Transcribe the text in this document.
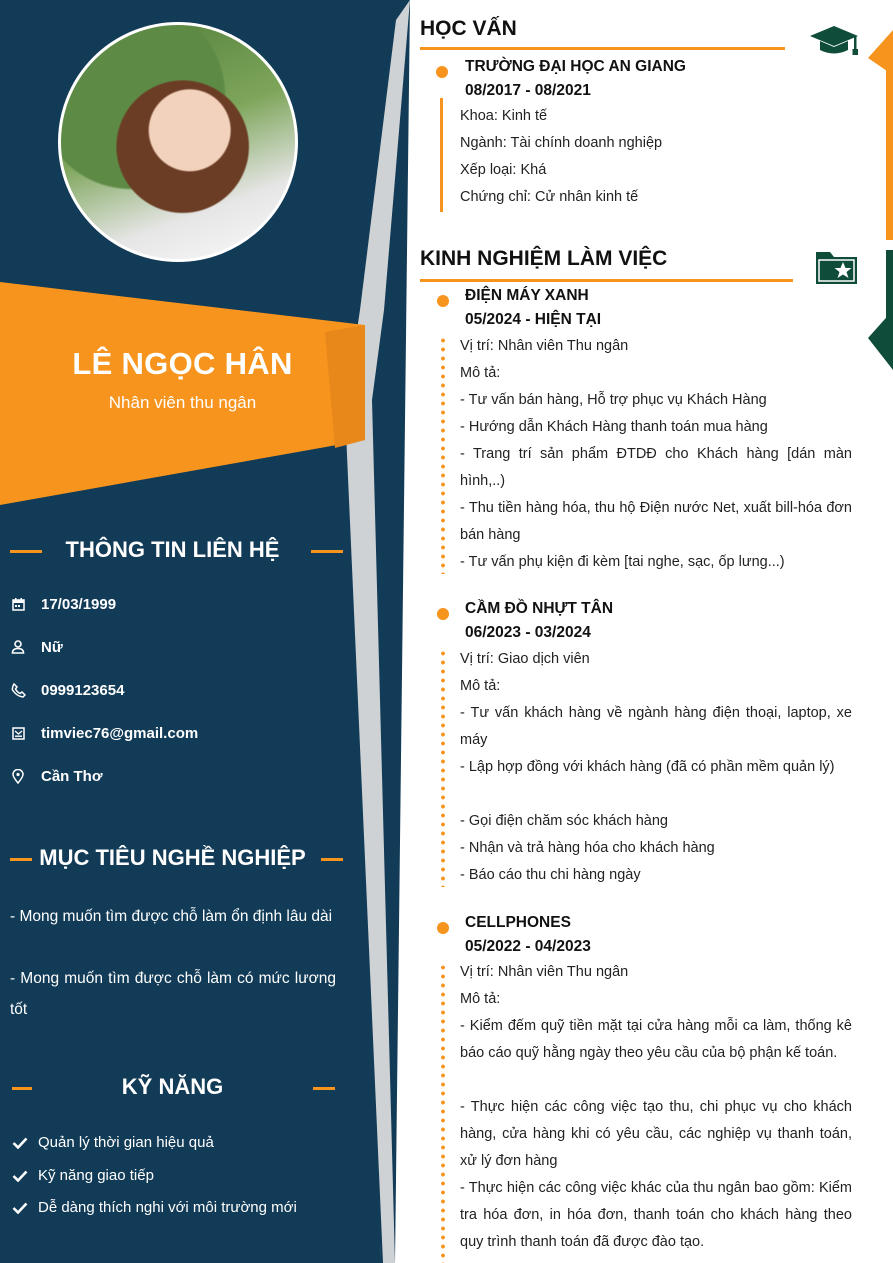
LÊ NGỌC HÂN
Nhân viên thu ngân
THÔNG TIN LIÊN HỆ
17/03/1999
Nữ
0999123654
timviec76@gmail.com
Cần Thơ
MỤC TIÊU NGHỀ NGHIỆP
- Mong muốn tìm được chỗ làm ổn định lâu dài
- Mong muốn tìm được chỗ làm có mức lương tốt
KỸ NĂNG
Quản lý thời gian hiệu quả
Kỹ năng giao tiếp
Dễ dàng thích nghi với môi trường mới
HỌC VẤN
TRƯỜNG ĐẠI HỌC AN GIANG
08/2017 - 08/2021
Khoa: Kinh tế
Ngành: Tài chính doanh nghiệp
Xếp loại: Khá
Chứng chỉ: Cử nhân kinh tế
KINH NGHIỆM LÀM VIỆC
ĐIỆN MÁY XANH
05/2024 - HIỆN TẠI
Vị trí: Nhân viên Thu ngân
Mô tả:
- Tư vấn bán hàng, Hỗ trợ phục vụ Khách Hàng
- Hướng dẫn Khách Hàng thanh toán mua hàng
- Trang trí sản phẩm ĐTDĐ cho Khách hàng [dán màn hình,..)
- Thu tiền hàng hóa, thu hộ Điện nước Net, xuất bill-hóa đơn bán hàng
- Tư vấn phụ kiện đi kèm [tai nghe, sạc, ốp lưng...)
CẦM ĐỒ NHỰT TÂN
06/2023 - 03/2024
Vị trí: Giao dịch viên
Mô tả:
- Tư vấn khách hàng về ngành hàng điện thoại, laptop, xe máy
- Lập hợp đồng với khách hàng (đã có phần mềm quản lý)
- Gọi điện chăm sóc khách hàng
- Nhận và trả hàng hóa cho khách hàng
- Báo cáo thu chi hàng ngày
CELLPHONES
05/2022 - 04/2023
Vị trí: Nhân viên Thu ngân
Mô tả:
- Kiểm đếm quỹ tiền mặt tại cửa hàng mỗi ca làm, thống kê báo cáo quỹ hằng ngày theo yêu cầu của bộ phận kế toán.
- Thực hiện các công việc tạo thu, chi phục vụ cho khách hàng, cửa hàng khi có yêu cầu, các nghiệp vụ thanh toán, xử lý đơn hàng
- Thực hiện các công việc khác của thu ngân bao gồm: Kiểm tra hóa đơn, in hóa đơn, thanh toán cho khách hàng theo quy trình thanh toán đã được đào tạo.
